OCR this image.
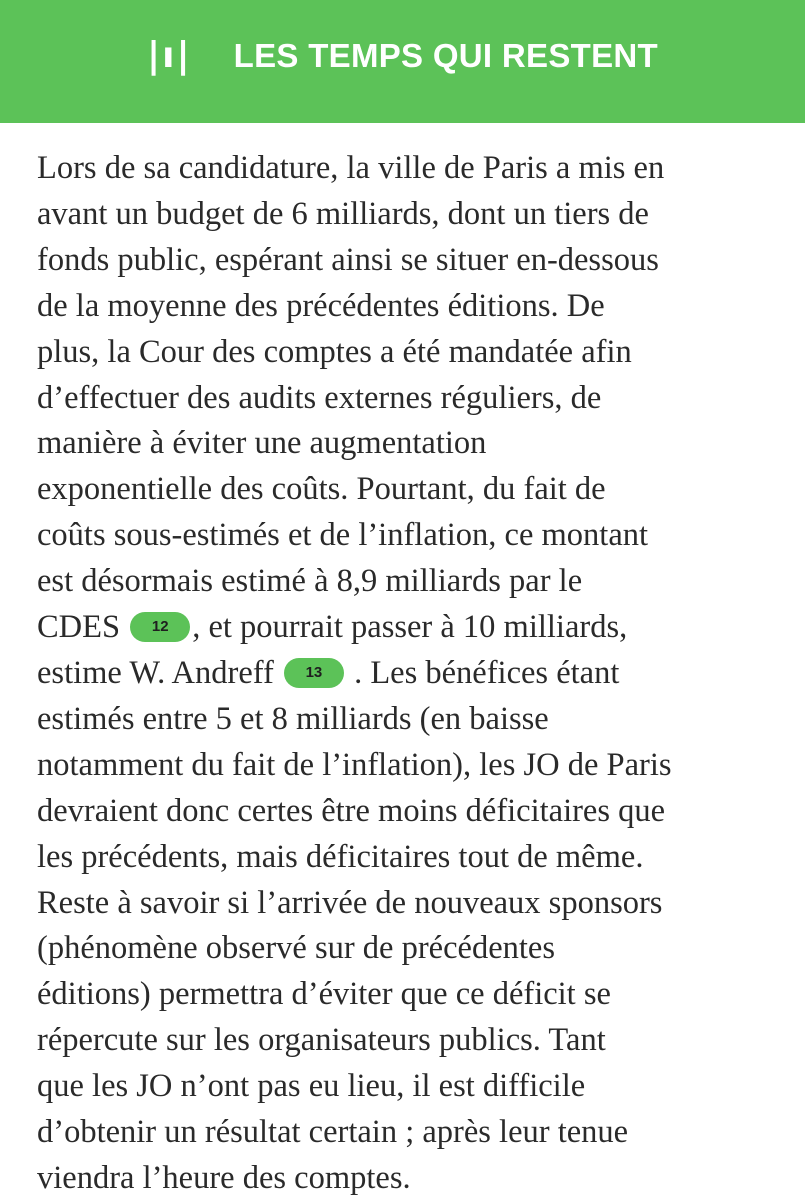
|ı| LES TEMPS QUI RESTENT
Lors de sa candidature, la ville de Paris a mis en
avant un budget de 6 milliards, dont un tiers de
fonds public, espérant ainsi se situer en-dessous
de la moyenne des précédentes éditions. De
plus, la Cour des comptes a été mandatée afin
d’effectuer des audits externes réguliers, de
manière à éviter une augmentation
exponentielle des coûts. Pourtant, du fait de
coûts sous-estimés et de l’inflation, ce montant
est désormais estimé à 8,9 milliards par le
CDES 12 , et pourrait passer à 10 milliards,
estime W. Andreff 13 . Les bénéfices étant
estimés entre 5 et 8 milliards (en baisse
notamment du fait de l’inflation), les JO de Paris
devraient donc certes être moins déficitaires que
les précédents, mais déficitaires tout de même.
Reste à savoir si l’arrivée de nouveaux sponsors
(phénomène observé sur de précédentes
éditions) permettra d’éviter que ce déficit se
répercute sur les organisateurs publics. Tant
que les JO n’ont pas eu lieu, il est difficile
d’obtenir un résultat certain ; après leur tenue
viendra l’heure des comptes.
